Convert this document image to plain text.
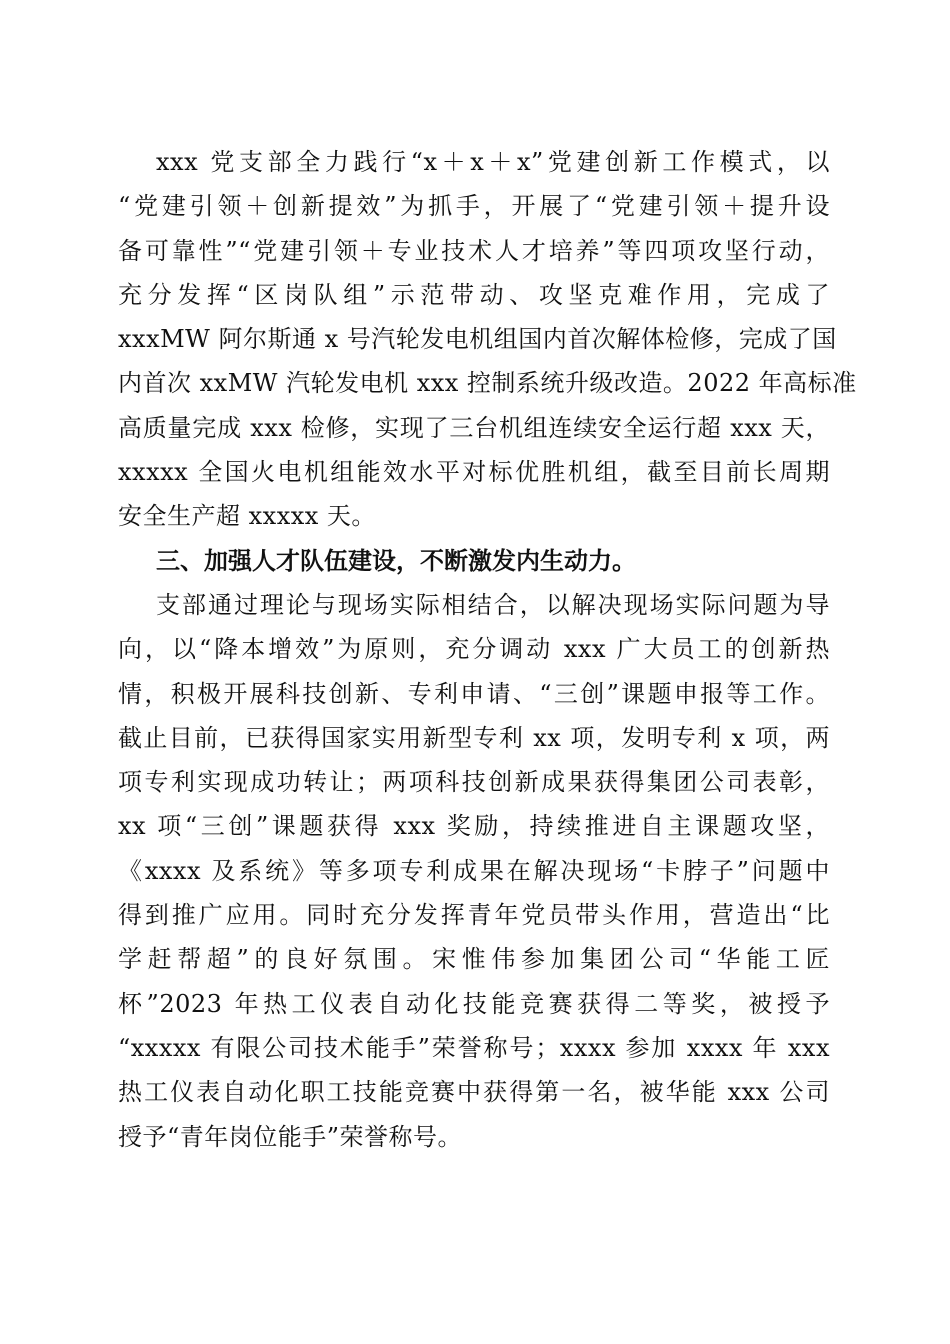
xxx 党支部全力践行“x＋x＋x”党建创新工作模式，以
“党建引领＋创新提效”为抓手，开展了“党建引领＋提升设
备可靠性”“党建引领＋专业技术人才培养”等四项攻坚行动，
充分发挥“区岗队组”示范带动、攻坚克难作用，完成了
xxxMW 阿尔斯通 x 号汽轮发电机组国内首次解体检修，完成了国
内首次 xxMW 汽轮发电机 xxx 控制系统升级改造。2022 年高标准
高质量完成 xxx 检修，实现了三台机组连续安全运行超 xxx 天，
xxxxx 全国火电机组能效水平对标优胜机组，截至目前长周期
安全生产超 xxxxx 天。
三、加强人才队伍建设，不断激发内生动力。
支部通过理论与现场实际相结合，以解决现场实际问题为导
向，以“降本增效”为原则，充分调动 xxx 广大员工的创新热
情，积极开展科技创新、专利申请、“三创”课题申报等工作。
截止目前，已获得国家实用新型专利 xx 项，发明专利 x 项，两
项专利实现成功转让；两项科技创新成果获得集团公司表彰，
xx 项“三创”课题获得 xxx 奖励，持续推进自主课题攻坚，
《xxxx 及系统》等多项专利成果在解决现场“卡脖子”问题中
得到推广应用。同时充分发挥青年党员带头作用，营造出“比
学赶帮超”的良好氛围。宋惟伟参加集团公司“华能工匠
杯”2023 年热工仪表自动化技能竞赛获得二等奖，被授予
“xxxxx 有限公司技术能手”荣誉称号；xxxx 参加 xxxx 年 xxx
热工仪表自动化职工技能竞赛中获得第一名，被华能 xxx 公司
授予“青年岗位能手”荣誉称号。
